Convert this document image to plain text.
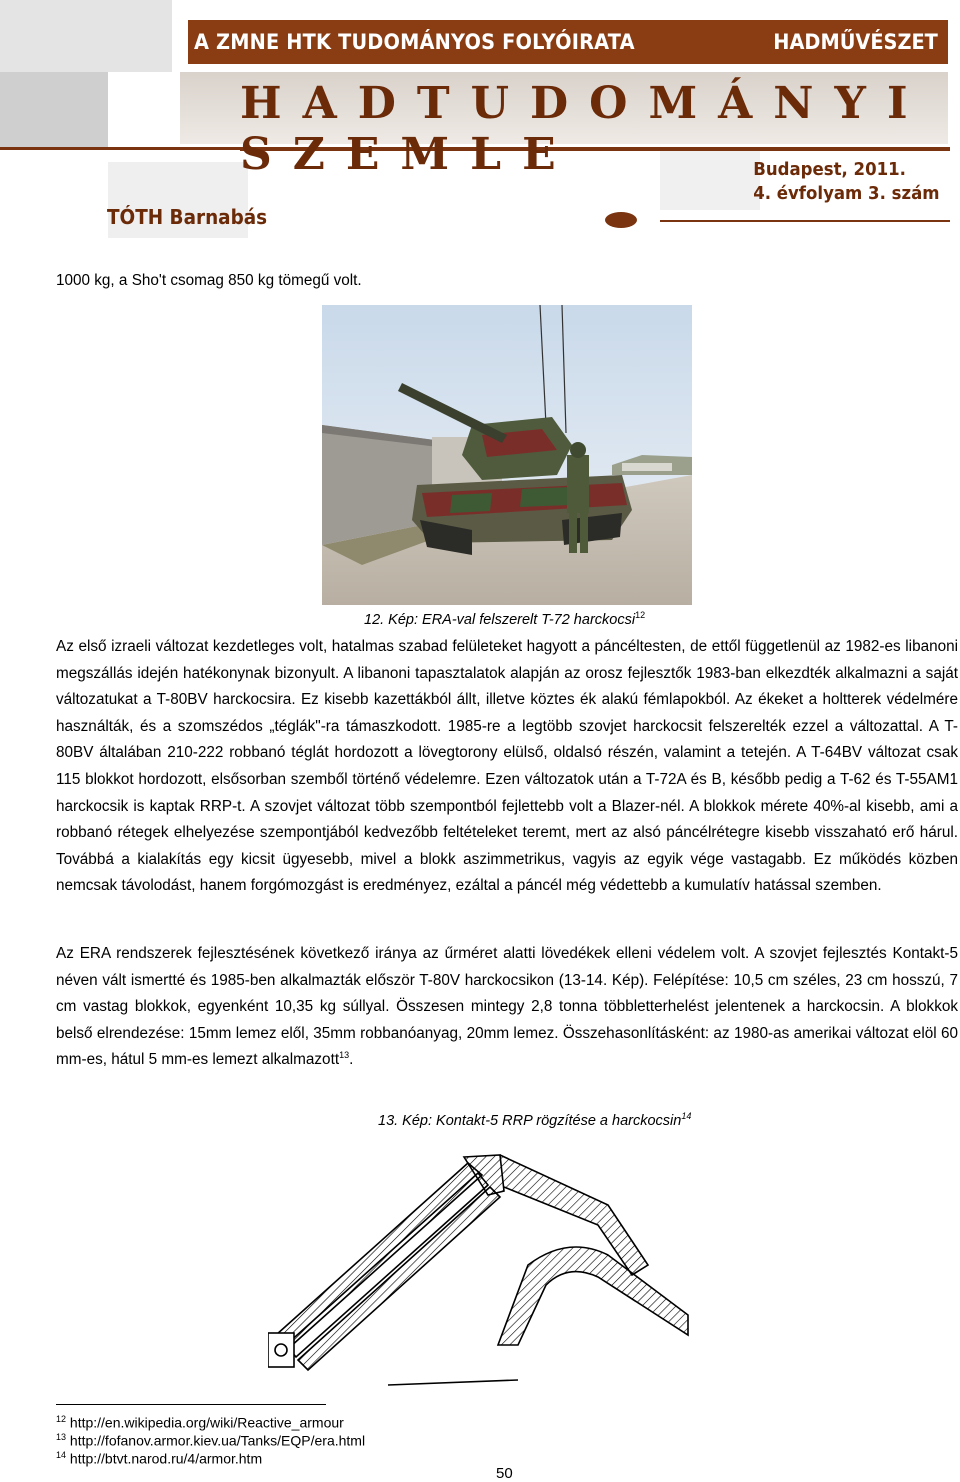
A ZMNE HTK TUDOMÁNYOS FOLYÓIRATA	HADMŰVÉSZET
HADTUDOMÁNYI SZEMLE	Budapest, 2011.
4. évfolyam 3. szám
TÓTH Barnabás
1000 kg, a Sho't csomag 850 kg tömegű volt.
12. Kép: ERA-val felszerelt T-72 harckocsi$^{12}$
Az első izraeli változat kezdetleges volt, hatalmas szabad felületeket hagyott a páncéltesten, de ettől függetlenül az 1982-es libanoni megszállás idején hatékonynak bizonyult. A libanoni tapasztalatok alapján az orosz fejlesztők 1983-ban elkezdték alkalmazni a saját változatukat a T-80BV harckocsira. Ez kisebb kazettákból állt, illetve köztes ék alakú fémlapokból. Az ékeket a holtterek védelmére használták, és a szomszédos „téglák"-ra támaszkodott. 1985-re a legtöbb szovjet harckocsit felszerelték ezzel a változattal. A T-80BV általában 210-222 robbanó téglát hordozott a lövegtorony elülső, oldalsó részén, valamint a tetején. A T-64BV változat csak 115 blokkot hordozott, elsősorban szemből történő védelemre. Ezen változatok után a T-72A és B, később pedig a T-62 és T-55AM1 harckocsik is kaptak RRP-t. A szovjet változat több szempontból fejlettebb volt a Blazer-nél. A blokkok mérete 40%-al kisebb, ami a robbanó rétegek elhelyezése szempontjából kedvezőbb feltételeket teremt, mert az alsó páncélrétegre kisebb visszaható erő hárul. Továbbá a kialakítás egy kicsit ügyesebb, mivel a blokk aszimmetrikus, vagyis az egyik vége vastagabb. Ez működés közben nemcsak távolodást, hanem forgómozgást is eredményez, ezáltal a páncél még védettebb a kumulatív hatással szemben.
Az ERA rendszerek fejlesztésének következő iránya az űrméret alatti lövedékek elleni védelem volt. A szovjet fejlesztés Kontakt-5 néven vált ismertté és 1985-ben alkalmazták először T-80V harckocsikon (13-14. Kép). Felépítése: 10,5 cm széles, 23 cm hosszú, 7 cm vastag blokkok, egyenként 10,35 kg súllyal. Összesen mintegy 2,8 tonna többletterhelést jelentenek a harckocsin. A blokkok belső elrendezése: 15mm lemez elől, 35mm robbanóanyag, 20mm lemez. Összehasonlításként: az 1980-as amerikai változat elöl 60 mm-es, hátul 5 mm-es lemezt alkalmazott$^{13}$.
13. Kép: Kontakt-5 RRP rögzítése a harckocsin$^{14}$
$^{12}$ http://en.wikipedia.org/wiki/Reactive_armour
$^{13}$ http://fofanov.armor.kiev.ua/Tanks/EQP/era.html
$^{14}$ http://btvt.narod.ru/4/armor.htm
50
